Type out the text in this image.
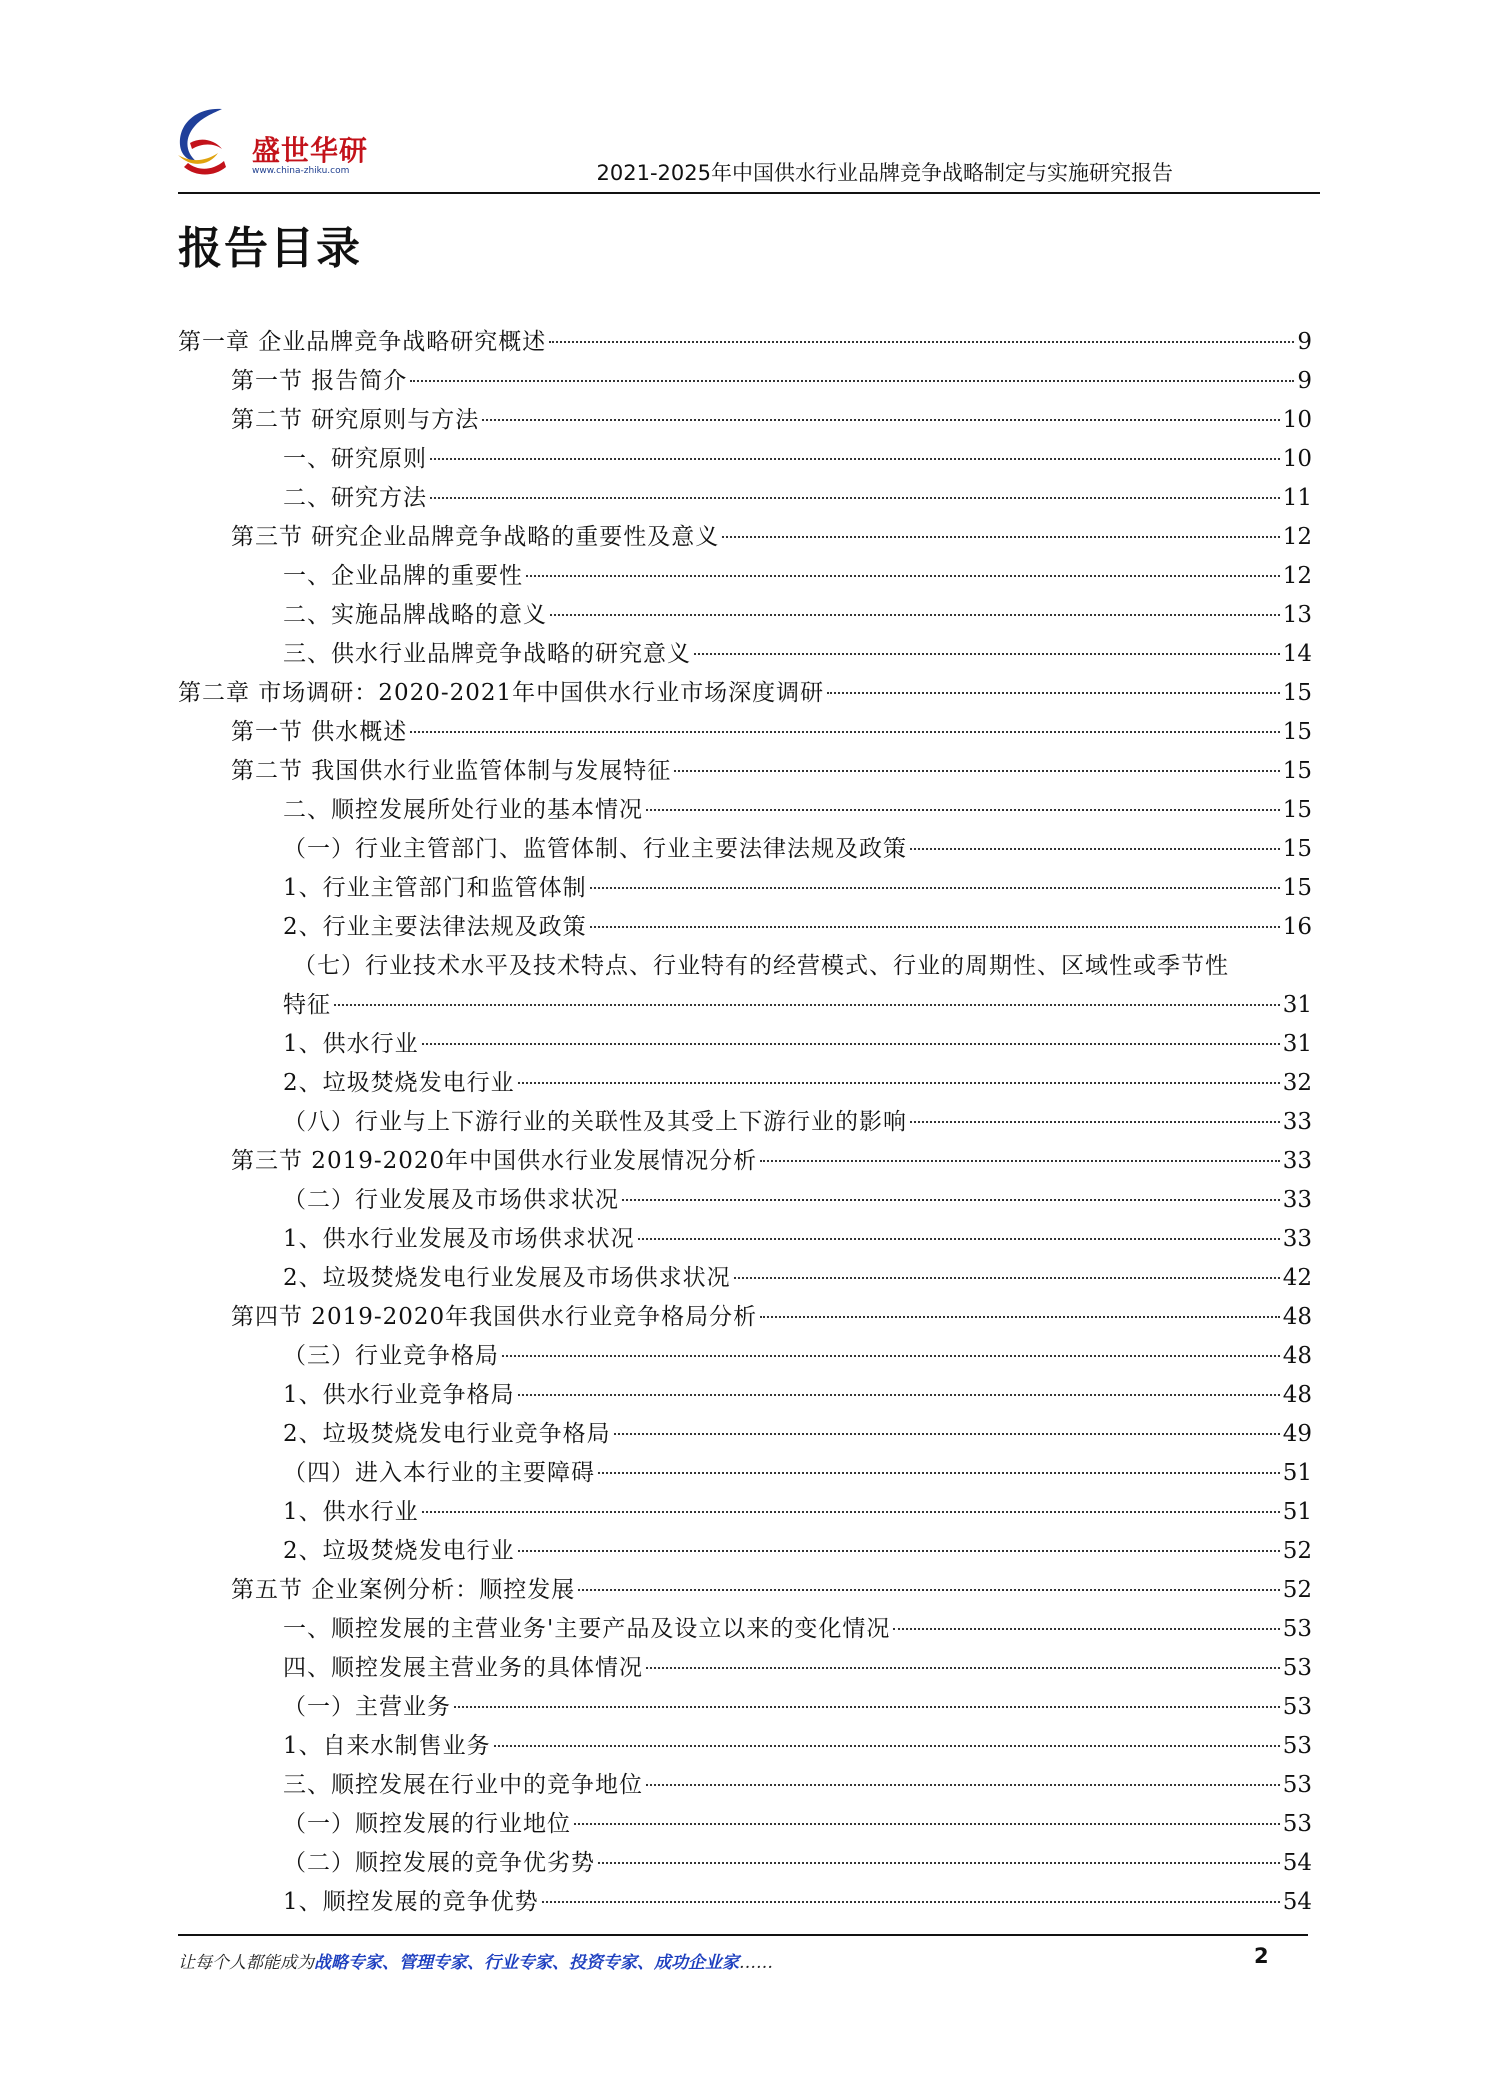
盛世华研
www.china-zhiku.com	2021-2025年中国供水行业品牌竞争战略制定与实施研究报告
报告目录
第一章 企业品牌竞争战略研究概述	9
第一节 报告简介	9
第二节 研究原则与方法	10
一、研究原则	10
二、研究方法	11
第三节 研究企业品牌竞争战略的重要性及意义	12
一、企业品牌的重要性	12
二、实施品牌战略的意义	13
三、供水行业品牌竞争战略的研究意义	14
第二章 市场调研：2020-2021年中国供水行业市场深度调研	15
第一节 供水概述	15
第二节 我国供水行业监管体制与发展特征	15
二、顺控发展所处行业的基本情况	15
（一）行业主管部门、监管体制、行业主要法律法规及政策	15
1、行业主管部门和监管体制	15
2、行业主要法律法规及政策	16
（七）行业技术水平及技术特点、行业特有的经营模式、行业的周期性、区域性或季节性
特征	31
1、供水行业	31
2、垃圾焚烧发电行业	32
（八）行业与上下游行业的关联性及其受上下游行业的影响	33
第三节 2019-2020年中国供水行业发展情况分析	33
（二）行业发展及市场供求状况	33
1、供水行业发展及市场供求状况	33
2、垃圾焚烧发电行业发展及市场供求状况	42
第四节 2019-2020年我国供水行业竞争格局分析	48
（三）行业竞争格局	48
1、供水行业竞争格局	48
2、垃圾焚烧发电行业竞争格局	49
（四）进入本行业的主要障碍	51
1、供水行业	51
2、垃圾焚烧发电行业	52
第五节 企业案例分析：顺控发展	52
一、顺控发展的主营业务'主要产品及设立以来的变化情况	53
四、顺控发展主营业务的具体情况	53
（一）主营业务	53
1、自来水制售业务	53
三、顺控发展在行业中的竞争地位	53
（一）顺控发展的行业地位	53
（二）顺控发展的竞争优劣势	54
1、顺控发展的竞争优势	54
让每个人都能成为战略专家、管理专家、行业专家、投资专家、成功企业家……	2
